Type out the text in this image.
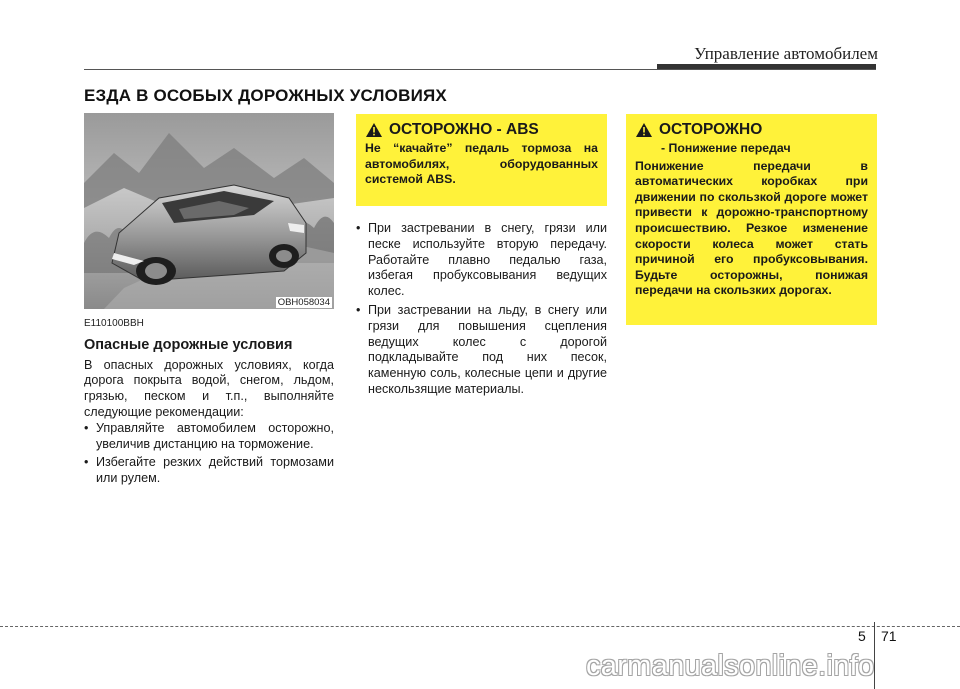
Управление автомобилем
ЕЗДА В ОСОБЫХ ДОРОЖНЫХ УСЛОВИЯХ
OBH058034
E110100BBH
Опасные дорожные условия

В опасных дорожных условиях, когда дорога покрыта водой, снегом, льдом, грязью, песком и т.п., выполняйте следующие рекомендации:

• Управляйте автомобилем осторожно, увеличив дистанцию на торможение.
• Избегайте резких действий тормозами или рулем.
ОСТОРОЖНО - ABS
Не “качайте” педаль тормоза на автомобилях, оборудованных системой ABS.
• При застревании в снегу, грязи или песке используйте вторую передачу. Работайте плавно педалью газа, избегая пробуксовывания ведущих колес.
• При застревании на льду, в снегу или грязи для повышения сцепления ведущих колес с дорогой подкладывайте под них песок, каменную соль, колесные цепи и другие нескользящие материалы.
ОСТОРОЖНО
- Понижение передач
Понижение передачи в автоматических коробках при движении по скользкой дороге может привести к дорожно-транспортному происшествию. Резкое изменение скорости колеса может стать причиной его пробуксовывания. Будьте осторожны, понижая передачи на скользких дорогах.
5 71
carmanualsonline.info
